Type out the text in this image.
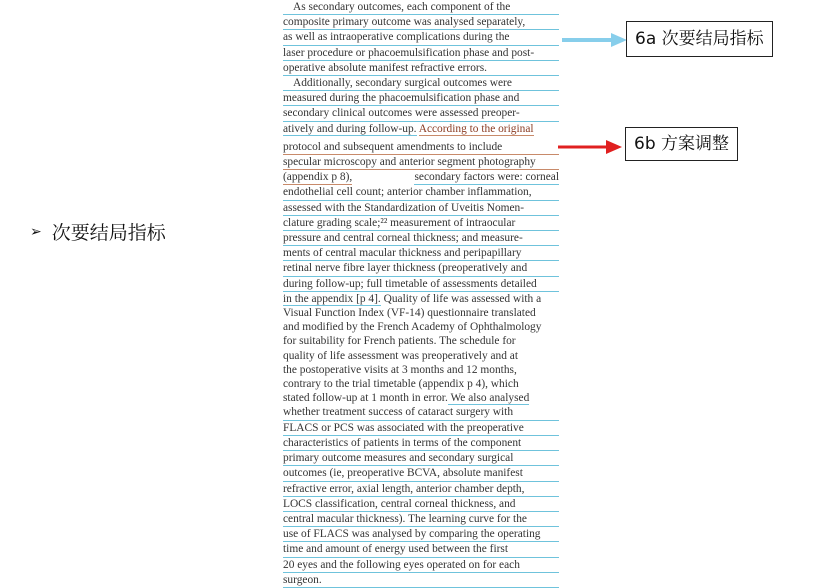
➢ 次要结局指标
As secondary outcomes, each component of the
composite primary outcome was analysed separately,
as well as intraoperative complications during the
laser procedure or phacoemulsification phase and post-
operative absolute manifest refractive errors.
Additionally, secondary surgical outcomes were
measured during the phacoemulsification phase and
secondary clinical outcomes were assessed preoper-
atively and during follow-up. According to the original
protocol and subsequent amendments to include
specular microscopy and anterior segment photography
(appendix p 8),	secondary factors were: corneal
endothelial cell count; anterior chamber inflammation,
assessed with the Standardization of Uveitis Nomen-
clature grading scale;²² measurement of intraocular
pressure and central corneal thickness; and measure-
ments of central macular thickness and peripapillary
retinal nerve fibre layer thickness (preoperatively and
during follow-up; full timetable of assessments detailed
in the appendix [p 4]. Quality of life was assessed with a
Visual Function Index (VF-14) questionnaire translated
and modified by the French Academy of Ophthalmology
for suitability for French patients. The schedule for
quality of life assessment was preoperatively and at
the postoperative visits at 3 months and 12 months,
contrary to the trial timetable (appendix p 4), which
stated follow-up at 1 month in error. We also analysed
whether treatment success of cataract surgery with
FLACS or PCS was associated with the preoperative
characteristics of patients in terms of the component
primary outcome measures and secondary surgical
outcomes (ie, preoperative BCVA, absolute manifest
refractive error, axial length, anterior chamber depth,
LOCS classification, central corneal thickness, and
central macular thickness). The learning curve for the
use of FLACS was analysed by comparing the operating
time and amount of energy used between the first
20 eyes and the following eyes operated on for each
surgeon.
6a 次要结局指标
6b 方案调整
